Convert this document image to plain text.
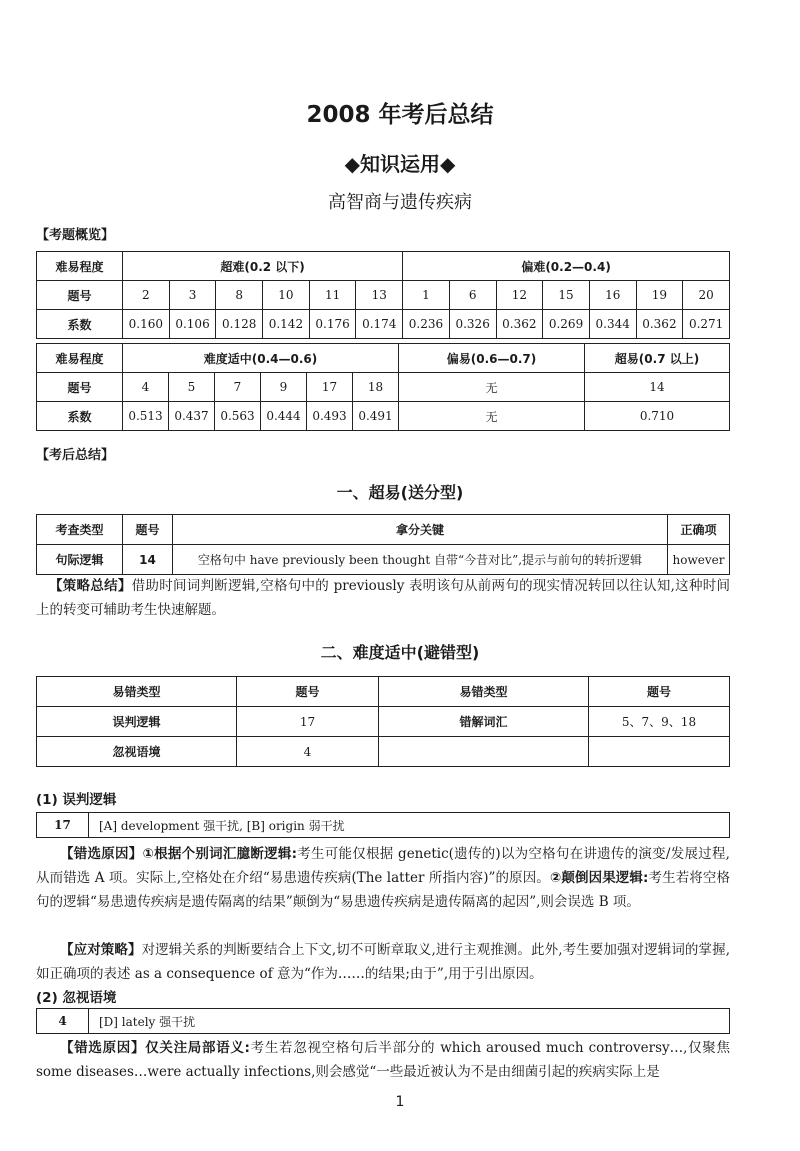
2008 年考后总结
◆知识运用◆
高智商与遗传疾病
【考题概览】
难易程度	超难(0.2 以下)						偏难(0.2—0.4)						
题号	2	3	8	10	11	13	1	6	12	15	16	19	20
系数	0.160	0.106	0.128	0.142	0.176	0.174	0.236	0.326	0.362	0.269	0.344	0.362	0.271
难易程度	难度适中(0.4—0.6)						偏易(0.6—0.7)	超易(0.7 以上)
题号	4	5	7	9	17	18	无	14
系数	0.513	0.437	0.563	0.444	0.493	0.491	无	0.710
【考后总结】
一、超易(送分型)
考查类型	题号	拿分关键	正确项
句际逻辑	14	空格句中 have previously been thought 自带“今昔对比”,提示与前句的转折逻辑	however
【策略总结】借助时间词判断逻辑,空格句中的 previously 表明该句从前两句的现实情况转回以往认知,这种时间上的转变可辅助考生快速解题。
二、难度适中(避错型)
易错类型	题号	易错类型	题号
误判逻辑	17	错解词汇	5、7、9、18
忽视语境	4		
(1) 误判逻辑
17	[A] development 强干扰, [B] origin 弱干扰
【错选原因】①根据个别词汇臆断逻辑:考生可能仅根据 genetic(遗传的)以为空格句在讲遗传的演变/发展过程,从而错选 A 项。实际上,空格处在介绍“易患遗传疾病(The latter 所指内容)”的原因。②颠倒因果逻辑:考生若将空格句的逻辑“易患遗传疾病是遗传隔离的结果”颠倒为“易患遗传疾病是遗传隔离的起因”,则会误选 B 项。
【应对策略】对逻辑关系的判断要结合上下文,切不可断章取义,进行主观推测。此外,考生要加强对逻辑词的掌握,如正确项的表述 as a consequence of 意为“作为……的结果;由于”,用于引出原因。
(2) 忽视语境
4	[D] lately 强干扰
【错选原因】仅关注局部语义:考生若忽视空格句后半部分的 which aroused much controversy…,仅聚焦 some diseases…were actually infections,则会感觉“一些最近被认为不是由细菌引起的疾病实际上是
1
